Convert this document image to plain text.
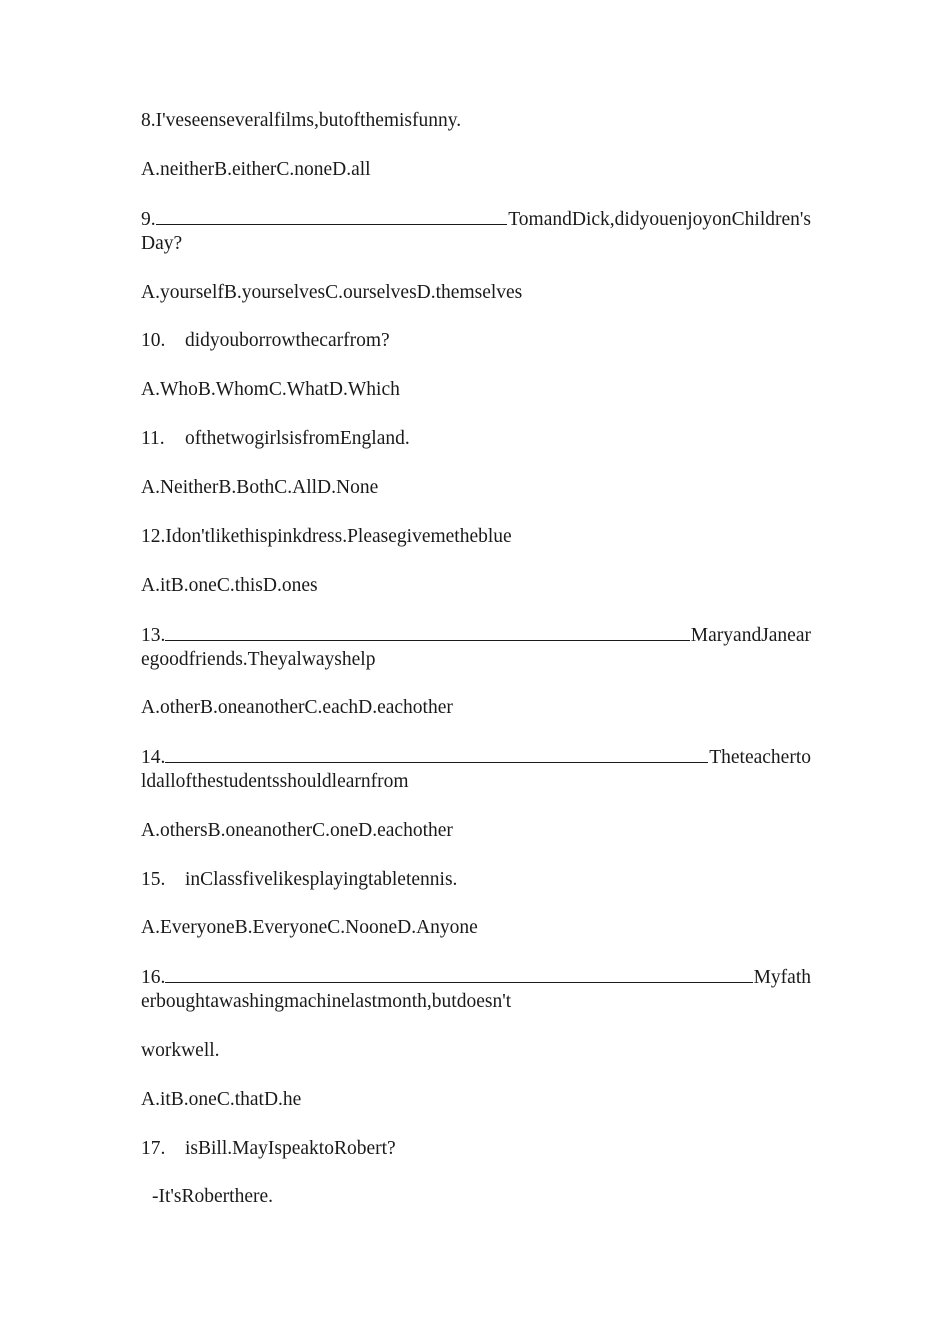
8.I'veseenseveralfilms,butofthemisfunny.
A.neitherB.eitherC.noneD.all
9.	TomandDick,didyouenjoyonChildren's
Day?
A.yourselfB.yourselvesC.ourselvesD.themselves
10. didyouborrowthecarfrom?
A.WhoB.WhomC.WhatD.Which
11. ofthetwogirlsisfromEngland.
A.NeitherB.BothC.AllD.None
12.Idon'tlikethispinkdress.Pleasegivemetheblue
A.itB.oneC.thisD.ones
13.	MaryandJanear
egoodfriends.Theyalwayshelp
A.otherB.oneanotherC.eachD.eachother
14.	Theteacherto
ldallofthestudentsshouldlearnfrom
A.othersB.oneanotherC.oneD.eachother
15. inClassfivelikesplayingtabletennis.
A.EveryoneB.EveryoneC.NooneD.Anyone
16.	Myfath
erboughtawashingmachinelastmonth,butdoesn't
workwell.
A.itB.oneC.thatD.he
17. isBill.MayIspeaktoRobert?
-It'sRoberthere.
